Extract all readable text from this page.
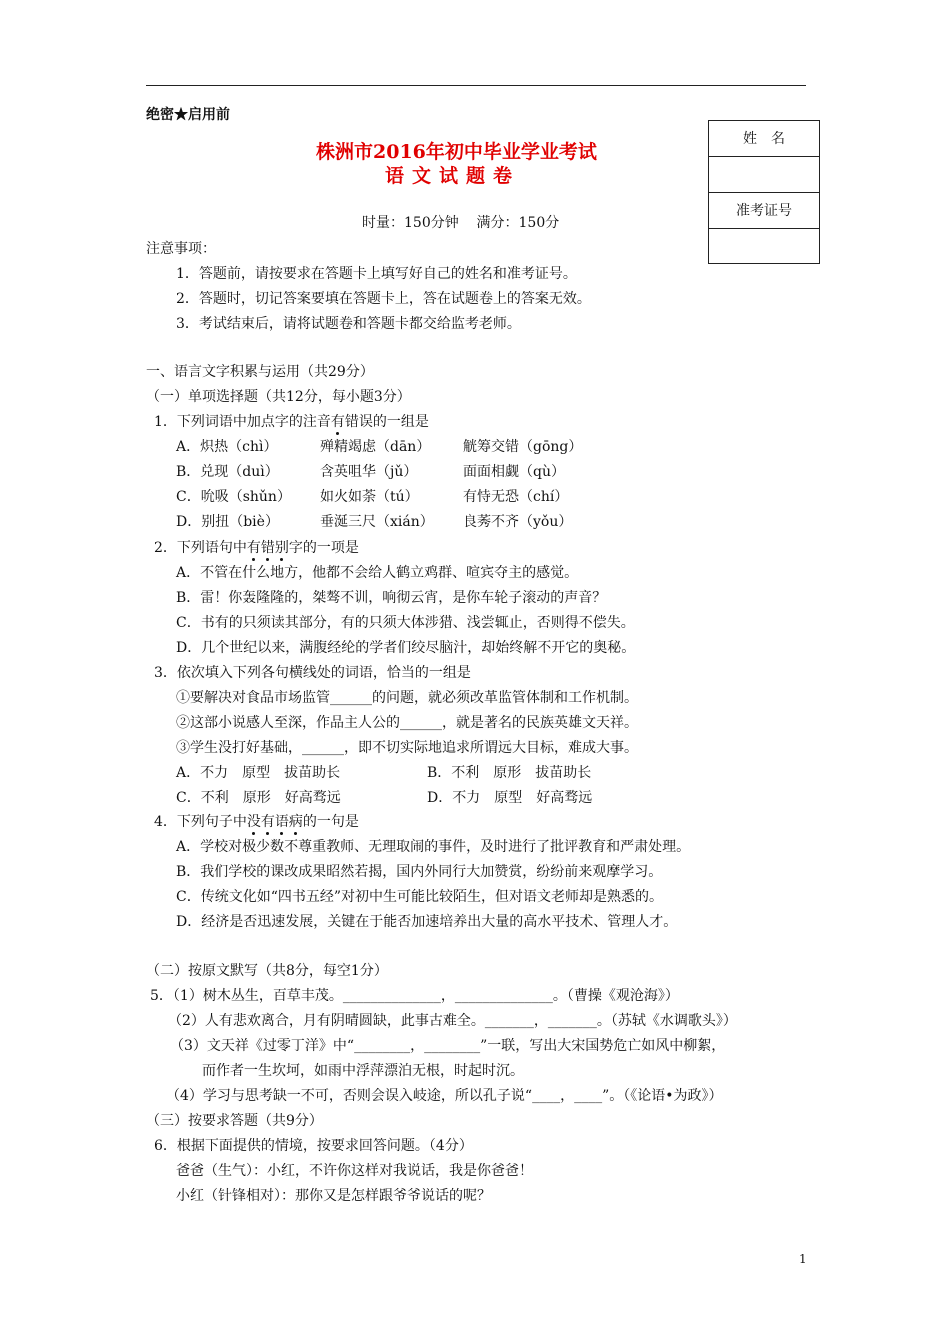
绝密★启用前
株洲市2016年初中毕业学业考试
语文试题卷
姓　名
准考证号
时量：150分钟    满分：150分
注意事项：
1．答题前，请按要求在答题卡上填写好自己的姓名和准考证号。
2．答题时，切记答案要填在答题卡上，答在试题卷上的答案无效。
3．考试结束后，请将试题卷和答题卡都交给监考老师。
一、语言文字积累与运用（共29分）
（一）单项选择题（共12分，每小题3分）
1．下列词语中加点字的注音有错误的一组是
A．炽热（chì）	殚精竭虑（dān） 觥筹交错（gōng）
B．兑现（duì）	含英咀华（jǔ）	面面相觑（qù）
C．吮吸（shǔn） 如火如荼（tú）	有恃无恐（chí）
D．别扭（biè）	垂涎三尺（xián） 良莠不齐（yǒu）
2．下列语句中有错别字的一项是
A．不管在什么地方，他都不会给人鹤立鸡群、喧宾夺主的感觉。
B．雷！你轰隆隆的，桀骜不训，响彻云宵，是你车轮子滚动的声音？
C．书有的只须读其部分，有的只须大体涉猎、浅尝辄止，否则得不偿失。
D．几个世纪以来，满腹经纶的学者们绞尽脑汁，却始终解不开它的奥秘。
3．依次填入下列各句横线处的词语，恰当的一组是
①要解决对食品市场监管______的问题，就必须改革监管体制和工作机制。
②这部小说感人至深，作品主人公的______，就是著名的民族英雄文天祥。
③学生没打好基础，______，即不切实际地追求所谓远大目标，难成大事。
A．不力　原型　拔苗助长	B．不利　原形　拔苗助长
C．不利　原形　好高骛远	D．不力　原型　好高骛远
4．下列句子中没有语病的一句是
A．学校对极少数不尊重教师、无理取闹的事件，及时进行了批评教育和严肃处理。
B．我们学校的课改成果昭然若揭，国内外同行大加赞赏，纷纷前来观摩学习。
C．传统文化如“四书五经”对初中生可能比较陌生，但对语文老师却是熟悉的。
D．经济是否迅速发展，关键在于能否加速培养出大量的高水平技术、管理人才。
（二）按原文默写（共8分，每空1分）
5．（1）树木丛生，百草丰茂。______________，______________。（曹操《观沧海》）
（2）人有悲欢离合，月有阴晴圆缺，此事古难全。_______，_______。（苏轼《水调歌头》）
（3）文天祥《过零丁洋》中“________，________”一联，写出大宋国势危亡如风中柳絮，
而作者一生坎坷，如雨中浮萍漂泊无根，时起时沉。
（4）学习与思考缺一不可，否则会误入岐途，所以孔子说“____，____”。（《论语•为政》）
（三）按要求答题（共9分）
6．根据下面提供的情境，按要求回答问题。（4分）
爸爸（生气）：小红，不许你这样对我说话，我是你爸爸！
小红（针锋相对）：那你又是怎样跟爷爷说话的呢？
1
